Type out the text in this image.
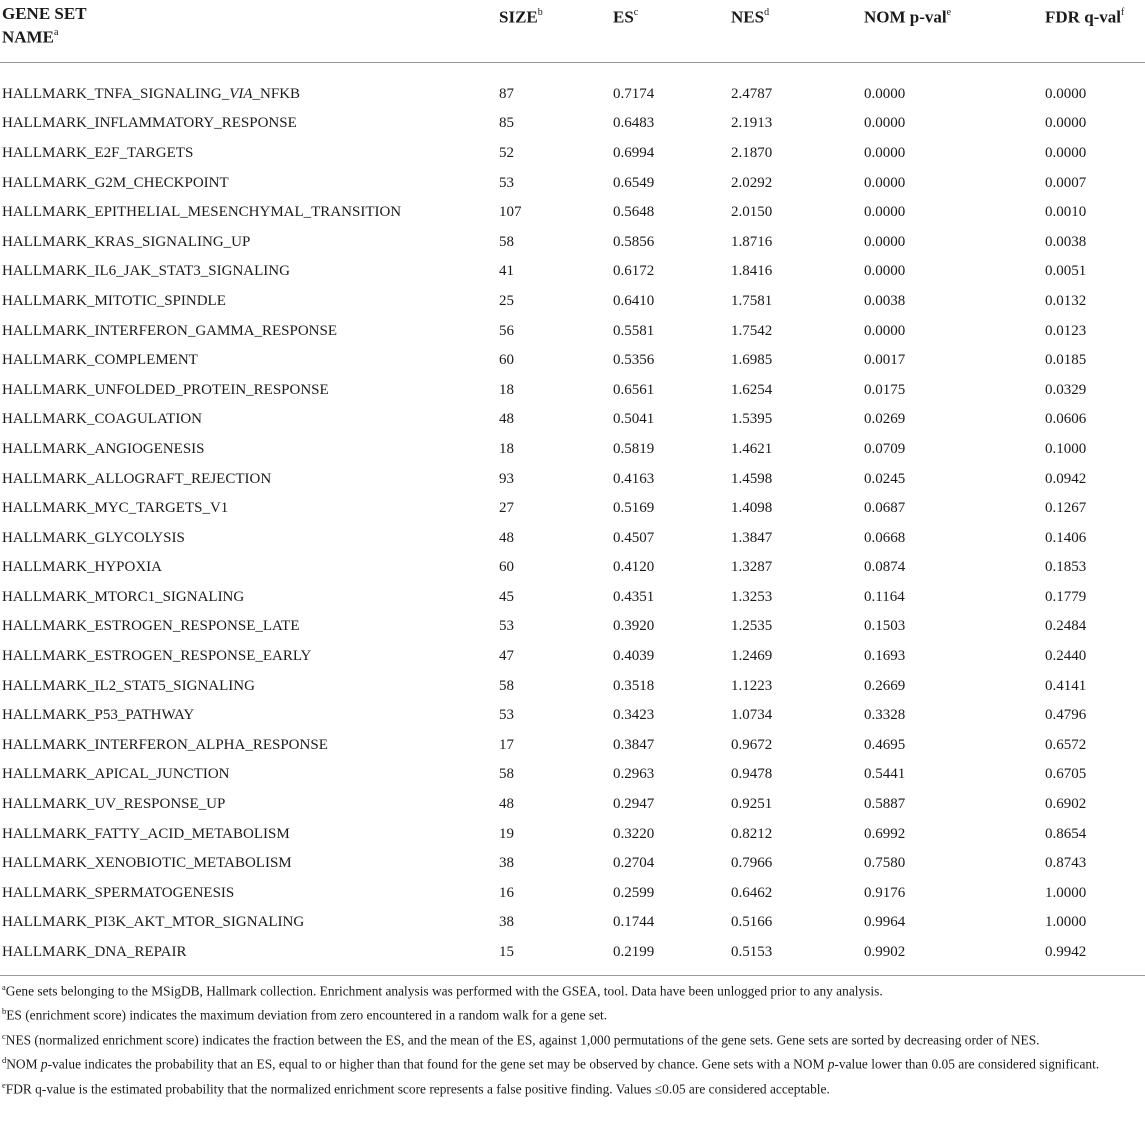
GENE SET
NAME$^a$	SIZE$^b$	$ES^c$	NES$^d$	NOM p-val$^e$	FDR q-val$^f$
HALLMARK_TNFA_SIGNALING_VIA_NFKB	87	0.7174	2.4787	0.0000	0.0000
HALLMARK_INFLAMMATORY_RESPONSE	85	0.6483	2.1913	0.0000	0.0000
HALLMARK_E2F_TARGETS	52	0.6994	2.1870	0.0000	0.0000
HALLMARK_G2M_CHECKPOINT	53	0.6549	2.0292	0.0000	0.0007
HALLMARK_EPITHELIAL_MESENCHYMAL_TRANSITION	107	0.5648	2.0150	0.0000	0.0010
HALLMARK_KRAS_SIGNALING_UP	58	0.5856	1.8716	0.0000	0.0038
HALLMARK_IL6_JAK_STAT3_SIGNALING	41	0.6172	1.8416	0.0000	0.0051
HALLMARK_MITOTIC_SPINDLE	25	0.6410	1.7581	0.0038	0.0132
HALLMARK_INTERFERON_GAMMA_RESPONSE	56	0.5581	1.7542	0.0000	0.0123
HALLMARK_COMPLEMENT	60	0.5356	1.6985	0.0017	0.0185
HALLMARK_UNFOLDED_PROTEIN_RESPONSE	18	0.6561	1.6254	0.0175	0.0329
HALLMARK_COAGULATION	48	0.5041	1.5395	0.0269	0.0606
HALLMARK_ANGIOGENESIS	18	0.5819	1.4621	0.0709	0.1000
HALLMARK_ALLOGRAFT_REJECTION	93	0.4163	1.4598	0.0245	0.0942
HALLMARK_MYC_TARGETS_V1	27	0.5169	1.4098	0.0687	0.1267
HALLMARK_GLYCOLYSIS	48	0.4507	1.3847	0.0668	0.1406
HALLMARK_HYPOXIA	60	0.4120	1.3287	0.0874	0.1853
HALLMARK_MTORC1_SIGNALING	45	0.4351	1.3253	0.1164	0.1779
HALLMARK_ESTROGEN_RESPONSE_LATE	53	0.3920	1.2535	0.1503	0.2484
HALLMARK_ESTROGEN_RESPONSE_EARLY	47	0.4039	1.2469	0.1693	0.2440
HALLMARK_IL2_STAT5_SIGNALING	58	0.3518	1.1223	0.2669	0.4141
HALLMARK_P53_PATHWAY	53	0.3423	1.0734	0.3328	0.4796
HALLMARK_INTERFERON_ALPHA_RESPONSE	17	0.3847	0.9672	0.4695	0.6572
HALLMARK_APICAL_JUNCTION	58	0.2963	0.9478	0.5441	0.6705
HALLMARK_UV_RESPONSE_UP	48	0.2947	0.9251	0.5887	0.6902
HALLMARK_FATTY_ACID_METABOLISM	19	0.3220	0.8212	0.6992	0.8654
HALLMARK_XENOBIOTIC_METABOLISM	38	0.2704	0.7966	0.7580	0.8743
HALLMARK_SPERMATOGENESIS	16	0.2599	0.6462	0.9176	1.0000
HALLMARK_PI3K_AKT_MTOR_SIGNALING	38	0.1744	0.5166	0.9964	1.0000
HALLMARK_DNA_REPAIR	15	0.2199	0.5153	0.9902	0.9942

$^a$Gene sets belonging to the MSigDB, Hallmark collection. Enrichment analysis was performed with the GSEA, tool. Data have been unlogged prior to any analysis.

$^b$ES (enrichment score) indicates the maximum deviation from zero encountered in a random walk for a gene set.

$^c$NES (normalized enrichment score) indicates the fraction between the ES, and the mean of the ES, against 1,000 permutations of the gene sets. Gene sets are sorted by decreasing order of NES.

$^d$NOM p-value indicates the probability that an ES, equal to or higher than that found for the gene set may be observed by chance. Gene sets with a NOM p-value lower than 0.05 are considered significant.

$^e$FDR q-value is the estimated probability that the normalized enrichment score represents a false positive finding. Values ≤0.05 are considered acceptable.
